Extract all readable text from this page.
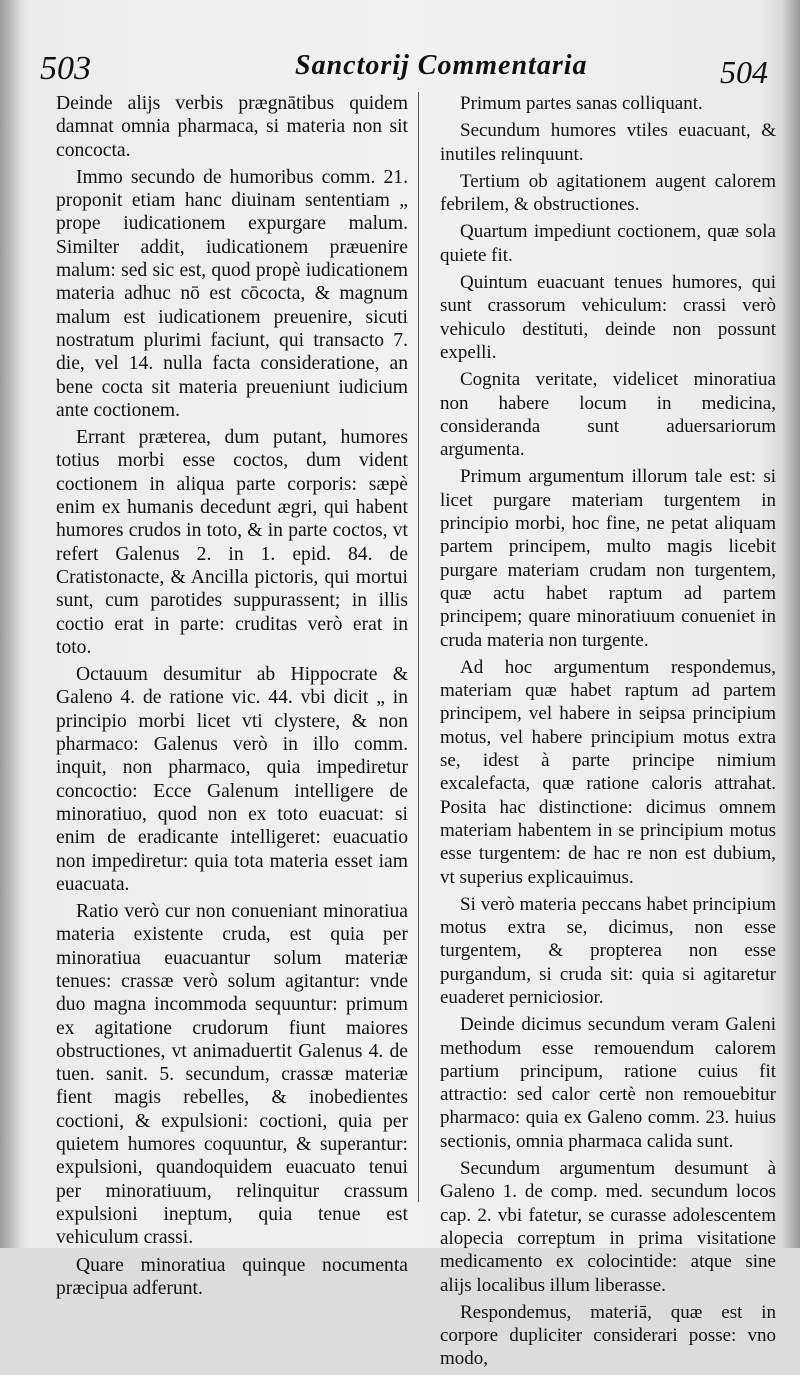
503	Sanctorij Commentaria	504

Deinde alijs verbis prægnātibus quidem damnat omnia pharmaca, si materia non sit concocta.

Immo secundo de humoribus comm. 21. proponit etiam hanc diuinam sententiam „ prope iudicationem expurgare malum. Similter addit, iudicationem præuenire malum: sed sic est, quod propè iudicationem materia adhuc nō est cōcocta, & magnum malum est iudicationem preuenire, sicuti nostratum plurimi faciunt, qui transacto 7. die, vel 14. nulla facta consideratione, an bene cocta sit materia preueniunt iudicium ante coctionem.

Errant præterea, dum putant, humores totius morbi esse coctos, dum vident coctionem in aliqua parte corporis: sæpè enim ex humanis decedunt ægri, qui habent humores crudos in toto, & in parte coctos, vt refert Galenus 2. in 1. epid. 84. de Cratistonacte, & Ancilla pictoris, qui mortui sunt, cum parotides suppurassent; in illis coctio erat in parte: cruditas verò erat in toto.

Octauum desumitur ab Hippocrate & Galeno 4. de ratione vic. 44. vbi dicit „ in principio morbi licet vti clystere, & non pharmaco: Galenus verò in illo comm. inquit, non pharmaco, quia impediretur concoctio: Ecce Galenum intelligere de minoratiuo, quod non ex toto euacuat: si enim de eradicante intelligeret: euacuatio non impediretur: quia tota materia esset iam euacuata.

Ratio verò cur non conueniant minoratiua materia existente cruda, est quia per minoratiua euacuantur solum materiæ tenues: crassæ verò solum agitantur: vnde duo magna incommoda sequuntur: primum ex agitatione crudorum fiunt maiores obstructiones, vt animaduertit Galenus 4. de tuen. sanit. 5. secundum, crassæ materiæ fient magis rebelles, & inobedientes coctioni, & expulsioni: coctioni, quia per quietem humores coquuntur, & superantur: expulsioni, quandoquidem euacuato tenui per minoratiuum, relinquitur crassum expulsioni ineptum, quia tenue est vehiculum crassi.

Quare minoratiua quinque nocumenta præcipua adferunt.

Primum partes sanas colliquant.

Secundum humores vtiles euacuant, & inutiles relinquunt.

Tertium ob agitationem augent calorem febrilem, & obstructiones.

Quartum impediunt coctionem, quæ sola quiete fit.

Quintum euacuant tenues humores, qui sunt crassorum vehiculum: crassi verò vehiculo destituti, deinde non possunt expelli.

Cognita veritate, videlicet minoratiua non habere locum in medicina, consideranda sunt aduersariorum argumenta.

Primum argumentum illorum tale est: si licet purgare materiam turgentem in principio morbi, hoc fine, ne petat aliquam partem principem, multo magis licebit purgare materiam crudam non turgentem, quæ actu habet raptum ad partem principem; quare minoratiuum conueniet in cruda materia non turgente.

Ad hoc argumentum respondemus, materiam quæ habet raptum ad partem principem, vel habere in seipsa principium motus, vel habere principium motus extra se, idest à parte principe nimium excalefacta, quæ ratione caloris attrahat. Posita hac distinctione: dicimus omnem materiam habentem in se principium motus esse turgentem: de hac re non est dubium, vt superius explicauimus.

Si verò materia peccans habet principium motus extra se, dicimus, non esse turgentem, & propterea non esse purgandum, si cruda sit: quia si agitaretur euaderet perniciosior.

Deinde dicimus secundum veram Galeni methodum esse remouendum calorem partium principum, ratione cuius fit attractio: sed calor certè non remouebitur pharmaco: quia ex Galeno comm. 23. huius sectionis, omnia pharmaca calida sunt.

Secundum argumentum desumunt à Galeno 1. de comp. med. secundum locos cap. 2. vbi fatetur, se curasse adolescentem alopecia correptum in prima visitatione medicamento ex colocintide: atque sine alijs localibus illum liberasse.

Respondemus, materiā, quæ est in corpore dupliciter considerari posse: vno modo,
